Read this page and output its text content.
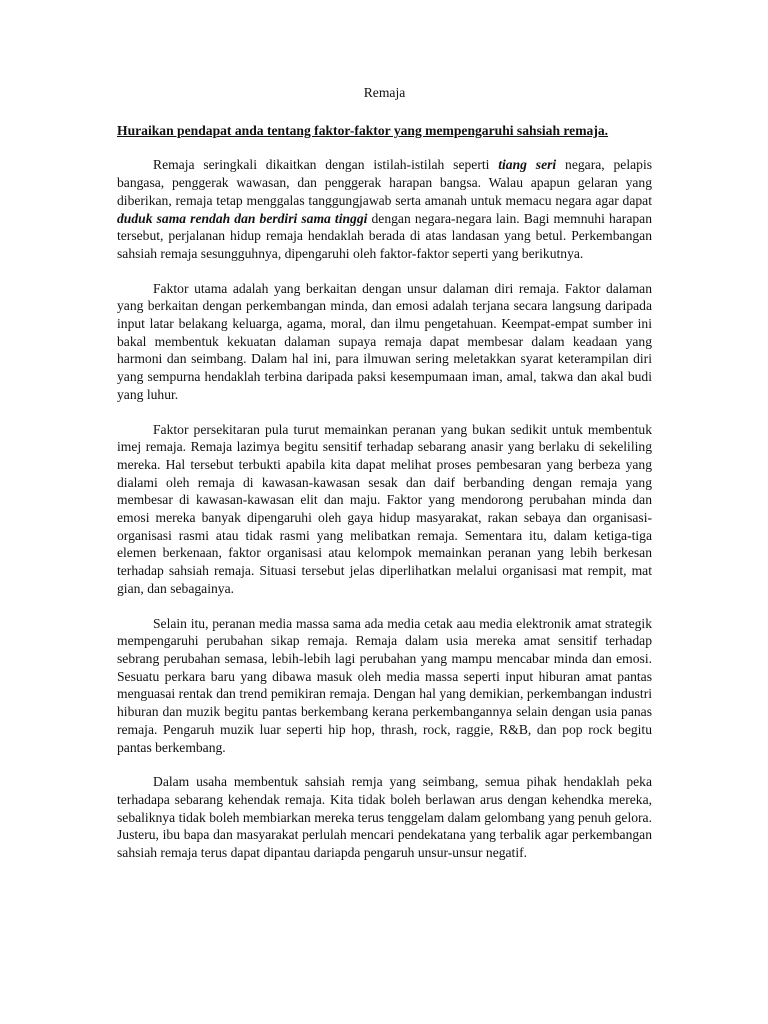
Remaja
Huraikan pendapat anda tentang faktor-faktor yang mempengaruhi sahsiah remaja.

Remaja seringkali dikaitkan dengan istilah-istilah seperti tiang seri negara, pelapis bangasa, penggerak wawasan, dan penggerak harapan bangsa. Walau apapun gelaran yang diberikan, remaja tetap menggalas tanggungjawab serta amanah untuk memacu negara agar dapat duduk sama rendah dan berdiri sama tinggi dengan negara-negara lain. Bagi memnuhi harapan tersebut, perjalanan hidup remaja hendaklah berada di atas landasan yang betul. Perkembangan sahsiah remaja sesungguhnya, dipengaruhi oleh faktor-faktor seperti yang berikutnya.

Faktor utama adalah yang berkaitan dengan unsur dalaman diri remaja. Faktor dalaman yang berkaitan dengan perkembangan minda, dan emosi adalah terjana secara langsung daripada input latar belakang keluarga, agama, moral, dan ilmu pengetahuan. Keempat-empat sumber ini bakal membentuk kekuatan dalaman supaya remaja dapat membesar dalam keadaan yang harmoni dan seimbang. Dalam hal ini, para ilmuwan sering meletakkan syarat keterampilan diri yang sempurna hendaklah terbina daripada paksi kesempumaan iman, amal, takwa dan akal budi yang luhur.

Faktor persekitaran pula turut memainkan peranan yang bukan sedikit untuk membentuk imej remaja. Remaja lazimya begitu sensitif terhadap sebarang anasir yang berlaku di sekeliling mereka. Hal tersebut terbukti apabila kita dapat melihat proses pembesaran yang berbeza yang dialami oleh remaja di kawasan-kawasan sesak dan daif berbanding dengan remaja yang membesar di kawasan-kawasan elit dan maju. Faktor yang mendorong perubahan minda dan emosi mereka banyak dipengaruhi oleh gaya hidup masyarakat, rakan sebaya dan organisasi-organisasi rasmi atau tidak rasmi yang melibatkan remaja. Sementara itu, dalam ketiga-tiga elemen berkenaan, faktor organisasi atau kelompok memainkan peranan yang lebih berkesan terhadap sahsiah remaja. Situasi tersebut jelas diperlihatkan melalui organisasi mat rempit, mat gian, dan sebagainya.

Selain itu, peranan media massa sama ada media cetak aau media elektronik amat strategik mempengaruhi perubahan sikap remaja. Remaja dalam usia mereka amat sensitif terhadap sebrang perubahan semasa, lebih-lebih lagi perubahan yang mampu mencabar minda dan emosi. Sesuatu perkara baru yang dibawa masuk oleh media massa seperti input hiburan amat pantas menguasai rentak dan trend pemikiran remaja. Dengan hal yang demikian, perkembangan industri hiburan dan muzik begitu pantas berkembang kerana perkembangannya selain dengan usia panas remaja. Pengaruh muzik luar seperti hip hop, thrash, rock, raggie, R&B, dan pop rock begitu pantas berkembang.

Dalam usaha membentuk sahsiah remja yang seimbang, semua pihak hendaklah peka terhadapa sebarang kehendak remaja. Kita tidak boleh berlawan arus dengan kehendka mereka, sebaliknya tidak boleh membiarkan mereka terus tenggelam dalam gelombang yang penuh gelora. Justeru, ibu bapa dan masyarakat perlulah mencari pendekatana yang terbalik agar perkembangan sahsiah remaja terus dapat dipantau dariapda pengaruh unsur-unsur negatif.
